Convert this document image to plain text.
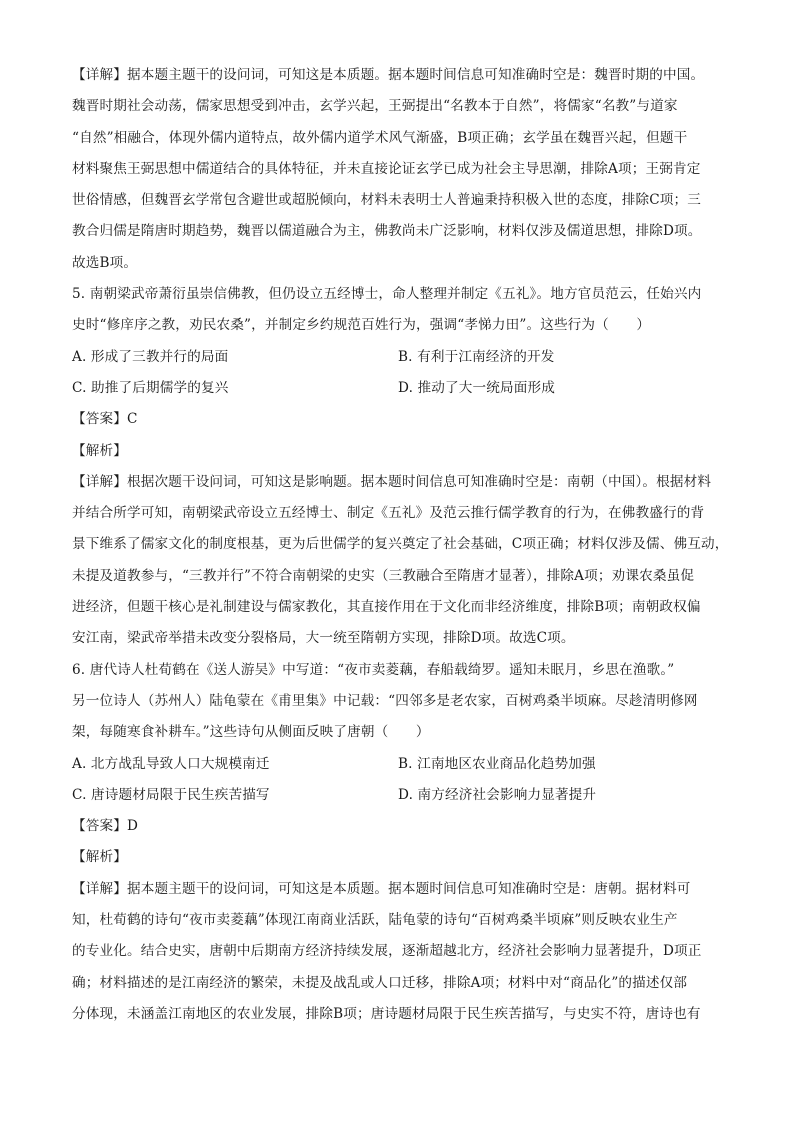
【详解】据本题主题干的设问词，可知这是本质题。据本题时间信息可知准确时空是：魏晋时期的中国。
魏晋时期社会动荡，儒家思想受到冲击，玄学兴起，王弼提出“名教本于自然”，将儒家“名教”与道家
“自然”相融合，体现外儒内道特点，故外儒内道学术风气渐盛，B项正确；玄学虽在魏晋兴起，但题干
材料聚焦王弼思想中儒道结合的具体特征，并未直接论证玄学已成为社会主导思潮，排除A项；王弼肯定
世俗情感，但魏晋玄学常包含避世或超脱倾向，材料未表明士人普遍秉持积极入世的态度，排除C项；三
教合归儒是隋唐时期趋势，魏晋以儒道融合为主，佛教尚未广泛影响，材料仅涉及儒道思想，排除D项。
故选B项。
5. 南朝梁武帝萧衍虽崇信佛教，但仍设立五经博士，命人整理并制定《五礼》。地方官员范云，任始兴内
史时“修庠序之教，劝民农桑”，并制定乡约规范百姓行为，强调“孝悌力田”。这些行为（　　）
A. 形成了三教并行的局面	B. 有利于江南经济的开发
C. 助推了后期儒学的复兴	D. 推动了大一统局面形成
【答案】C
【解析】
【详解】根据次题干设问词，可知这是影响题。据本题时间信息可知准确时空是：南朝（中国）。根据材料
并结合所学可知，南朝梁武帝设立五经博士、制定《五礼》及范云推行儒学教育的行为，在佛教盛行的背
景下维系了儒家文化的制度根基，更为后世儒学的复兴奠定了社会基础，C项正确；材料仅涉及儒、佛互动，
未提及道教参与，“三教并行”不符合南朝梁的史实（三教融合至隋唐才显著），排除A项；劝课农桑虽促
进经济，但题干核心是礼制建设与儒家教化，其直接作用在于文化而非经济维度，排除B项；南朝政权偏
安江南，梁武帝举措未改变分裂格局，大一统至隋朝方实现，排除D项。故选C项。
6. 唐代诗人杜荀鹤在《送人游吴》中写道：“夜市卖菱藕，春船载绮罗。遥知未眠月，乡思在渔歌。”
另一位诗人（苏州人）陆龟蒙在《甫里集》中记载：“四邻多是老农家，百树鸡桑半顷麻。尽趁清明修网
架，每随寒食补耕车。”这些诗句从侧面反映了唐朝（　　）
A. 北方战乱导致人口大规模南迁	B. 江南地区农业商品化趋势加强
C. 唐诗题材局限于民生疾苦描写	D. 南方经济社会影响力显著提升
【答案】D
【解析】
【详解】据本题主题干的设问词，可知这是本质题。据本题时间信息可知准确时空是：唐朝。据材料可
知，杜荀鹤的诗句“夜市卖菱藕”体现江南商业活跃，陆龟蒙的诗句“百树鸡桑半顷麻”则反映农业生产
的专业化。结合史实，唐朝中后期南方经济持续发展，逐渐超越北方，经济社会影响力显著提升，D项正
确；材料描述的是江南经济的繁荣，未提及战乱或人口迁移，排除A项；材料中对“商品化”的描述仅部
分体现，未涵盖江南地区的农业发展，排除B项；唐诗题材局限于民生疾苦描写，与史实不符，唐诗也有
